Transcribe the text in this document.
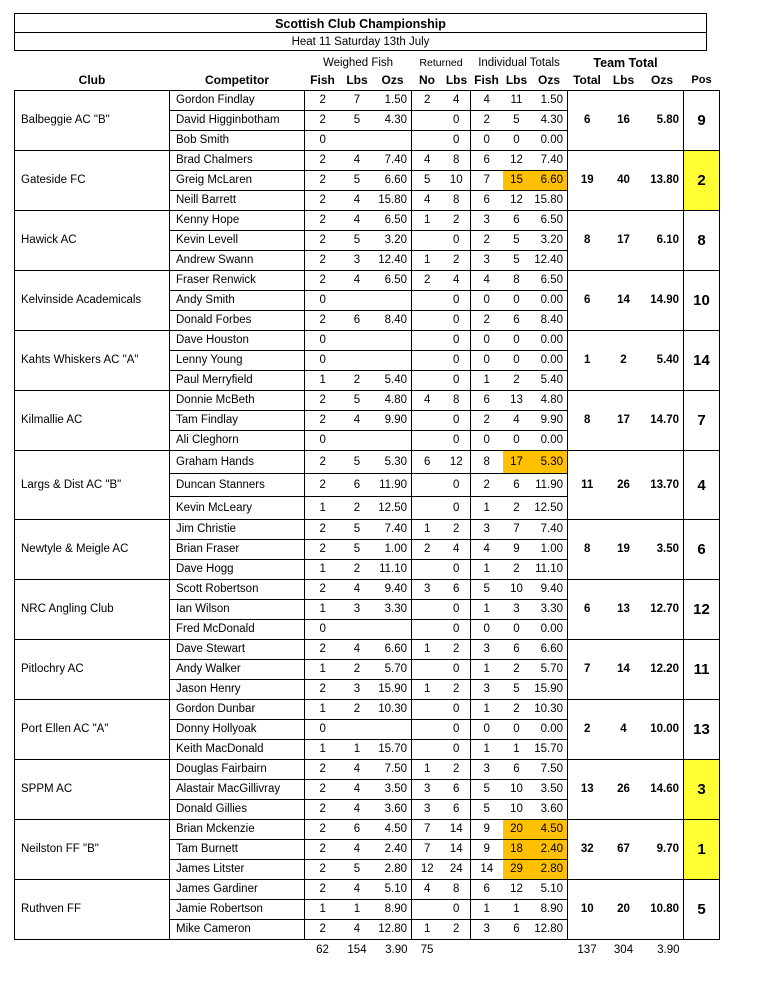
Scottish Club Championship
Heat 11 Saturday 13th July
		Weighed Fish			Returned		Individual Totals			Team Total			
Club	Competitor	Fish	Lbs	Ozs	No	Lbs	Fish	Lbs	Ozs	Total	Lbs	Ozs	Pos
Balbeggie AC "B"	Gordon Findlay	2	7	1.50	2	4	4	11	1.50	6	16	5.80	9
	David Higginbotham	2	5	4.30		0	2	5	4.30				
	Bob Smith	0				0	0	0	0.00				
Gateside FC	Brad Chalmers	2	4	7.40	4	8	6	12	7.40	19	40	13.80	2
	Greig McLaren	2	5	6.60	5	10	7	15	6.60				
	Neill Barrett	2	4	15.80	4	8	6	12	15.80				
Hawick AC	Kenny Hope	2	4	6.50	1	2	3	6	6.50	8	17	6.10	8
	Kevin Levell	2	5	3.20		0	2	5	3.20				
	Andrew Swann	2	3	12.40	1	2	3	5	12.40				
Kelvinside Academicals	Fraser Renwick	2	4	6.50	2	4	4	8	6.50	6	14	14.90	10
	Andy Smith	0				0	0	0	0.00				
	Donald Forbes	2	6	8.40		0	2	6	8.40				
Kahts Whiskers AC "A"	Dave Houston	0				0	0	0	0.00	1	2	5.40	14
	Lenny Young	0				0	0	0	0.00				
	Paul Merryfield	1	2	5.40		0	1	2	5.40				
Kilmallie AC	Donnie McBeth	2	5	4.80	4	8	6	13	4.80	8	17	14.70	7
	Tam Findlay	2	4	9.90		0	2	4	9.90				
	Ali Cleghorn	0				0	0	0	0.00				
Largs & Dist AC "B"	Graham Hands	2	5	5.30	6	12	8	17	5.30	11	26	13.70	4
	Duncan Stanners	2	6	11.90		0	2	6	11.90				
	Kevin McLeary	1	2	12.50		0	1	2	12.50				
Newtyle & Meigle AC	Jim Christie	2	5	7.40	1	2	3	7	7.40	8	19	3.50	6
	Brian Fraser	2	5	1.00	2	4	4	9	1.00				
	Dave Hogg	1	2	11.10		0	1	2	11.10				
NRC Angling Club	Scott Robertson	2	4	9.40	3	6	5	10	9.40	6	13	12.70	12
	Ian Wilson	1	3	3.30		0	1	3	3.30				
	Fred McDonald	0				0	0	0	0.00				
Pitlochry AC	Dave Stewart	2	4	6.60	1	2	3	6	6.60	7	14	12.20	11
	Andy Walker	1	2	5.70		0	1	2	5.70				
	Jason Henry	2	3	15.90	1	2	3	5	15.90				
Port Ellen AC "A"	Gordon Dunbar	1	2	10.30		0	1	2	10.30	2	4	10.00	13
	Donny Hollyoak	0				0	0	0	0.00				
	Keith MacDonald	1	1	15.70		0	1	1	15.70				
SPPM AC	Douglas Fairbairn	2	4	7.50	1	2	3	6	7.50	13	26	14.60	3
	Alastair MacGillivray	2	4	3.50	3	6	5	10	3.50				
	Donald Gillies	2	4	3.60	3	6	5	10	3.60				
Neilston FF "B"	Brian Mckenzie	2	6	4.50	7	14	9	20	4.50	32	67	9.70	1
	Tam Burnett	2	4	2.40	7	14	9	18	2.40				
	James Litster	2	5	2.80	12	24	14	29	2.80				
Ruthven FF	James Gardiner	2	4	5.10	4	8	6	12	5.10	10	20	10.80	5
	Jamie Robertson	1	1	8.90		0	1	1	8.90				
	Mike Cameron	2	4	12.80	1	2	3	6	12.80				
		62	154	3.90	75					137	304	3.90	
